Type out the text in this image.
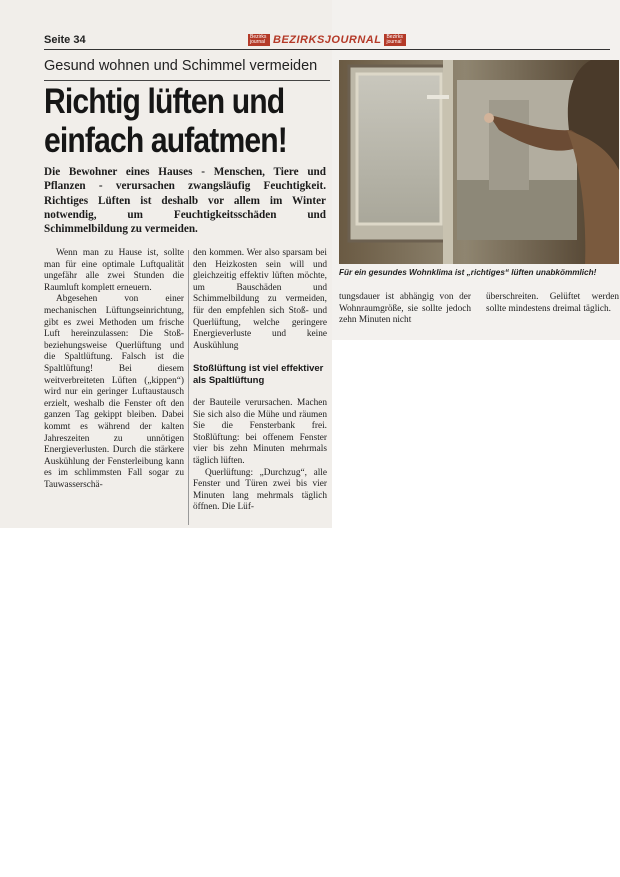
Seite 34	Bezirks journal BEZIRKSJOURNAL	Bezirks journal
Gesund wohnen und Schimmel vermeiden
Richtig lüften und
einfach aufatmen!
Die Bewohner eines Hauses - Menschen, Tiere und Pflanzen - verursachen zwangsläufig Feuchtigkeit. Richtiges Lüften ist deshalb vor allem im Winter notwendig, um Feuchtigkeitsschäden und Schimmelbildung zu vermeiden.

Wenn man zu Hause ist, sollte man für eine optimale Luftqualität ungefähr alle zwei Stunden die Raumluft komplett erneuern.

Abgesehen von einer mechanischen Lüftungseinrichtung, gibt es zwei Methoden um frische Luft hereinzulassen: Die Stoß- beziehungsweise Querlüftung und die Spaltlüftung. Falsch ist die Spaltlüftung! Bei diesem weitverbreiteten Lüften („kippen“) wird nur ein geringer Luftaustausch erzielt, weshalb die Fenster oft den ganzen Tag gekippt bleiben. Dabei kommt es während der kalten Jahreszeiten zu unnötigen Energieverlusten. Durch die stärkere Auskühlung der Fensterleibung kann es im schlimmsten Fall sogar zu Tauwasserschä-

den kommen. Wer also sparsam bei den Heizkosten sein will und gleichzeitig effektiv lüften möchte, um Bauschäden und Schimmelbildung zu vermeiden, für den empfehlen sich Stoß- und Querlüftung, welche geringere Energieverluste und keine Auskühlung

Stoßlüftung ist viel effektiver als Spaltlüftung

der Bauteile verursachen. Machen Sie sich also die Mühe und räumen Sie die Fensterbank frei. Stoßlüftung: bei offenem Fenster vier bis zehn Minuten mehrmals täglich lüften.

Querlüftung: „Durchzug“, alle Fenster und Türen zwei bis vier Minuten lang mehrmals täglich öffnen. Die Lüf-

Für ein gesundes Wohnklima ist „richtiges“ lüften unabkömmlich!

tungsdauer ist abhängig von der Wohnraumgröße, sie sollte jedoch zehn Minuten nicht

überschreiten. Gelüftet werden sollte mindestens dreimal täglich.
